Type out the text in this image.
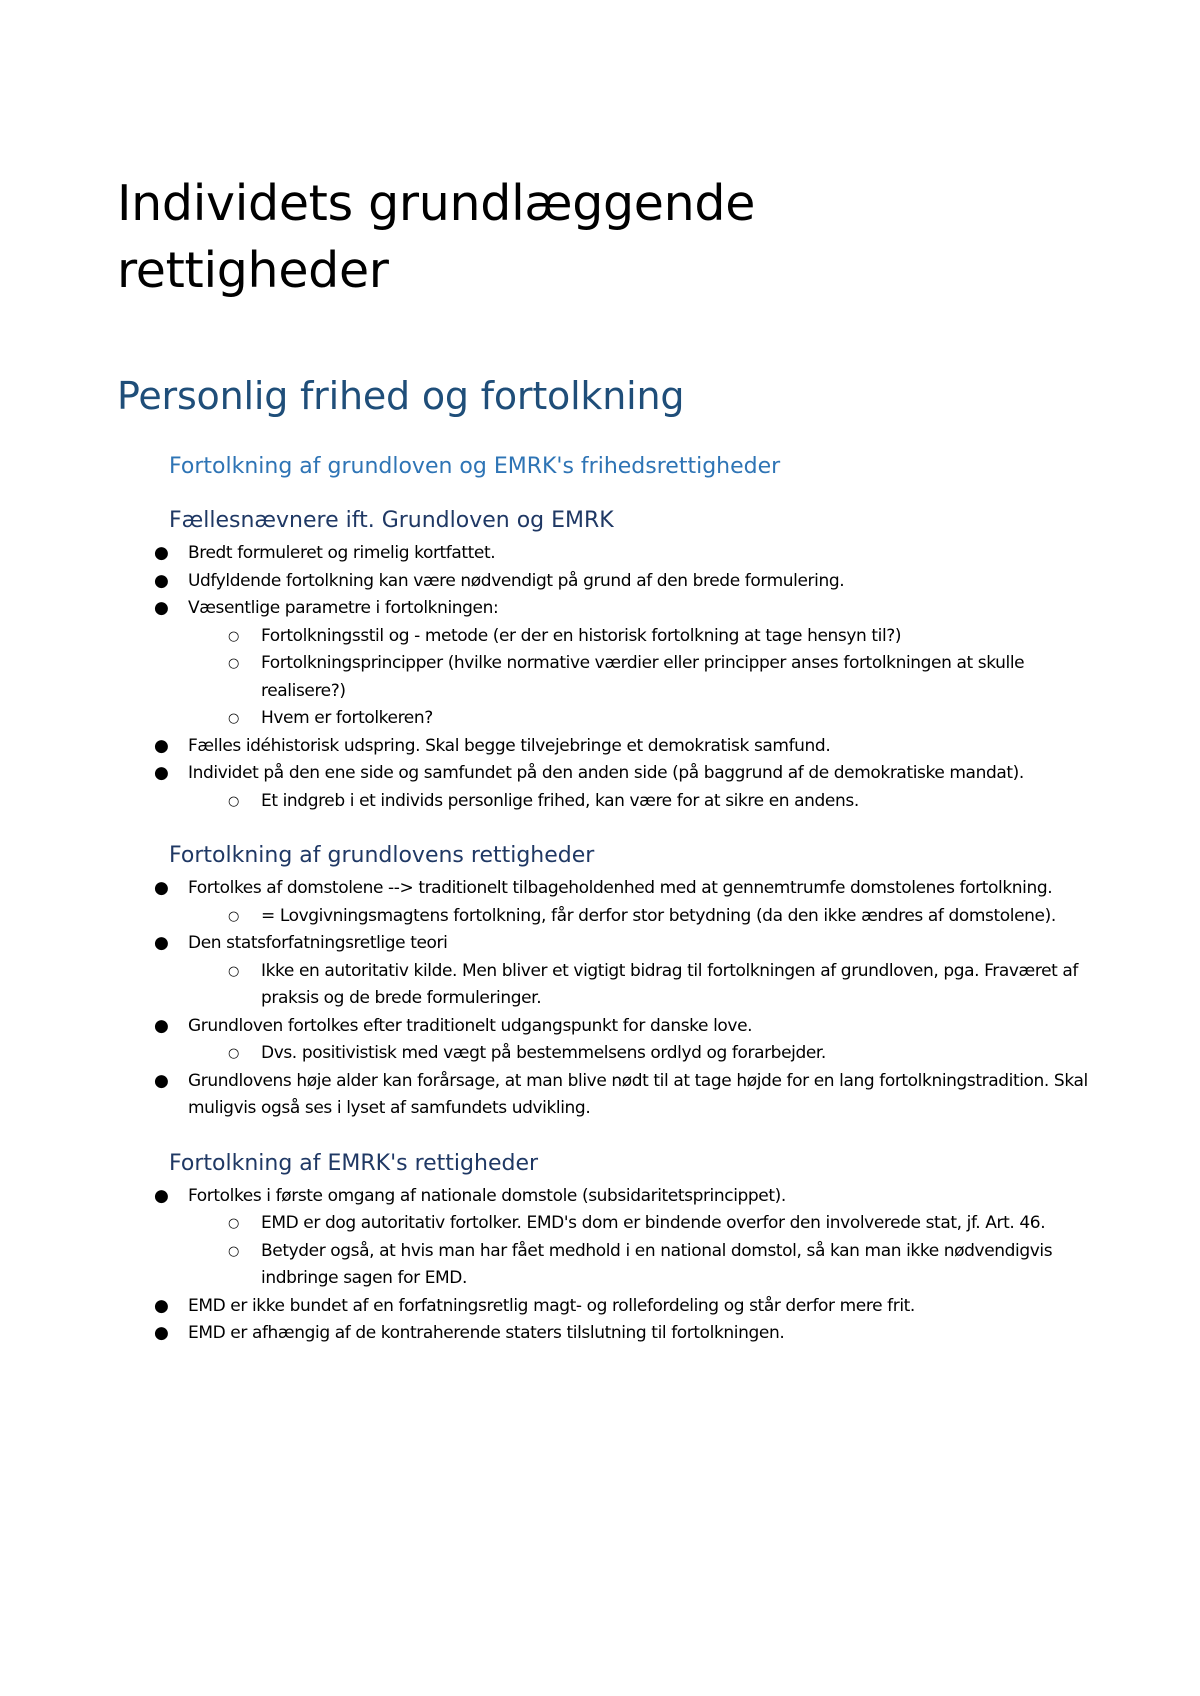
Individets grundlæggende
rettigheder
Personlig frihed og fortolkning
Fortolkning af grundloven og EMRK's frihedsrettigheder
Fællesnævnere ift. Grundloven og EMRK
● Bredt formuleret og rimelig kortfattet.
● Udfyldende fortolkning kan være nødvendigt på grund af den brede formulering.
● Væsentlige parametre i fortolkningen:
○ Fortolkningsstil og - metode (er der en historisk fortolkning at tage hensyn til?)
○ Fortolkningsprincipper (hvilke normative værdier eller principper anses fortolkningen at skulle realisere?)
○ Hvem er fortolkeren?
● Fælles idéhistorisk udspring. Skal begge tilvejebringe et demokratisk samfund.
● Individet på den ene side og samfundet på den anden side (på baggrund af de demokratiske mandat).
○ Et indgreb i et individs personlige frihed, kan være for at sikre en andens.
Fortolkning af grundlovens rettigheder
● Fortolkes af domstolene --> traditionelt tilbageholdenhed med at gennemtrumfe domstolenes fortolkning.
○ = Lovgivningsmagtens fortolkning, får derfor stor betydning (da den ikke ændres af domstolene).
● Den statsforfatningsretlige teori
○ Ikke en autoritativ kilde. Men bliver et vigtigt bidrag til fortolkningen af grundloven, pga. Fraværet af praksis og de brede formuleringer.
● Grundloven fortolkes efter traditionelt udgangspunkt for danske love.
○ Dvs. positivistisk med vægt på bestemmelsens ordlyd og forarbejder.
● Grundlovens høje alder kan forårsage, at man blive nødt til at tage højde for en lang fortolkningstradition. Skal muligvis også ses i lyset af samfundets udvikling.
Fortolkning af EMRK's rettigheder
● Fortolkes i første omgang af nationale domstole (subsidaritetsprincippet).
○ EMD er dog autoritativ fortolker. EMD's dom er bindende overfor den involverede stat, jf. Art. 46.
○ Betyder også, at hvis man har fået medhold i en national domstol, så kan man ikke nødvendigvis indbringe sagen for EMD.
● EMD er ikke bundet af en forfatningsretlig magt- og rollefordeling og står derfor mere frit.
● EMD er afhængig af de kontraherende staters tilslutning til fortolkningen.
